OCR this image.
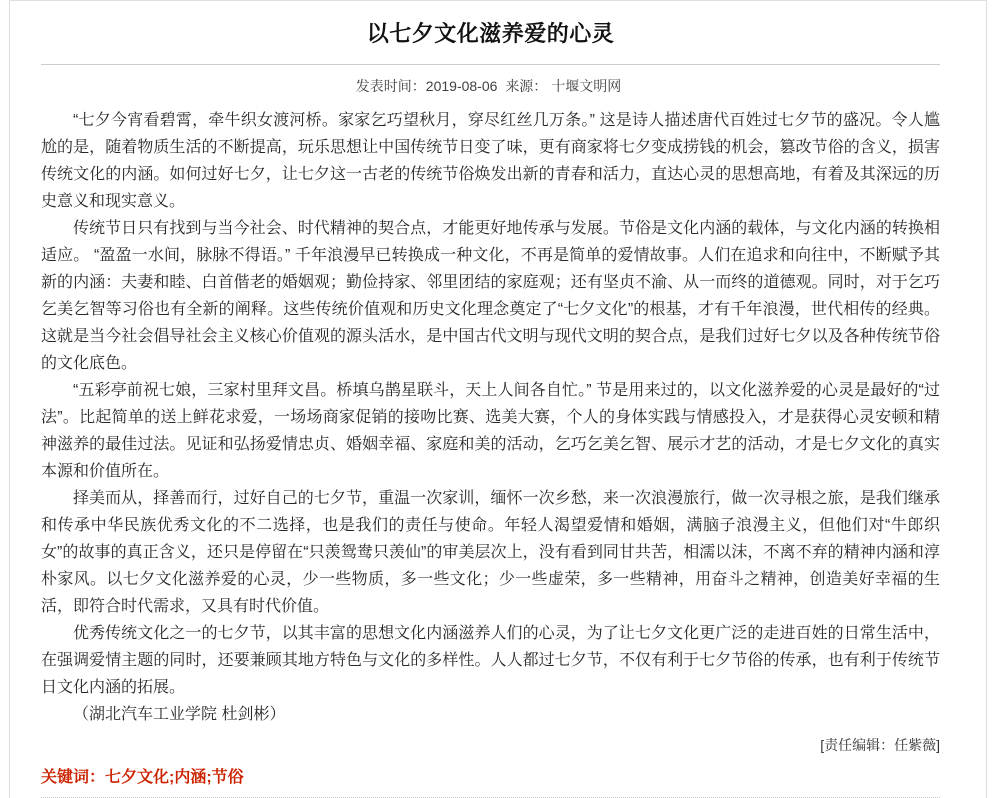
以七夕文化滋养爱的心灵
发表时间：2019-08-06 来源： 十堰文明网

“七夕今宵看碧霄，牵牛织女渡河桥。家家乞巧望秋月，穿尽红丝几万条。” 这是诗人描述唐代百姓过七夕节的盛况。令人尴尬的是，随着物质生活的不断提高，玩乐思想让中国传统节日变了味，更有商家将七夕变成捞钱的机会，篡改节俗的含义，损害传统文化的内涵。如何过好七夕，让七夕这一古老的传统节俗焕发出新的青春和活力，直达心灵的思想高地，有着及其深远的历史意义和现实意义。

传统节日只有找到与当今社会、时代精神的契合点，才能更好地传承与发展。节俗是文化内涵的载体，与文化内涵的转换相适应。 “盈盈一水间，脉脉不得语。” 千年浪漫早已转换成一种文化，不再是简单的爱情故事。人们在追求和向往中，不断赋予其新的内涵：夫妻和睦、白首偕老的婚姻观；勤俭持家、邻里团结的家庭观；还有坚贞不渝、从一而终的道德观。同时，对于乞巧乞美乞智等习俗也有全新的阐释。这些传统价值观和历史文化理念奠定了“七夕文化”的根基，才有千年浪漫，世代相传的经典。这就是当今社会倡导社会主义核心价值观的源头活水，是中国古代文明与现代文明的契合点，是我们过好七夕以及各种传统节俗的文化底色。

“五彩亭前祝七娘，三家村里拜文昌。桥填乌鹊星联斗，天上人间各自忙。” 节是用来过的，以文化滋养爱的心灵是最好的“过法”。比起简单的送上鲜花求爱，一场场商家促销的接吻比赛、选美大赛，个人的身体实践与情感投入，才是获得心灵安顿和精神滋养的最佳过法。见证和弘扬爱情忠贞、婚姻幸福、家庭和美的活动，乞巧乞美乞智、展示才艺的活动，才是七夕文化的真实本源和价值所在。

择美而从，择善而行，过好自己的七夕节，重温一次家训，缅怀一次乡愁，来一次浪漫旅行，做一次寻根之旅，是我们继承和传承中华民族优秀文化的不二选择，也是我们的责任与使命。年轻人渴望爱情和婚姻，满脑子浪漫主义，但他们对“牛郎织女”的故事的真正含义，还只是停留在“只羡鸳鸯只羡仙”的审美层次上，没有看到同甘共苦，相濡以沫，不离不弃的精神内涵和淳朴家风。以七夕文化滋养爱的心灵，少一些物质，多一些文化；少一些虚荣，多一些精神，用奋斗之精神，创造美好幸福的生活，即符合时代需求，又具有时代价值。

优秀传统文化之一的七夕节，以其丰富的思想文化内涵滋养人们的心灵，为了让七夕文化更广泛的走进百姓的日常生活中，在强调爱情主题的同时，还要兼顾其地方特色与文化的多样性。人人都过七夕节，不仅有利于七夕节俗的传承，也有利于传统节日文化内涵的拓展。

（湖北汽车工业学院 杜剑彬）

[责任编辑：任紫薇]
关键词：七夕文化;内涵;节俗
